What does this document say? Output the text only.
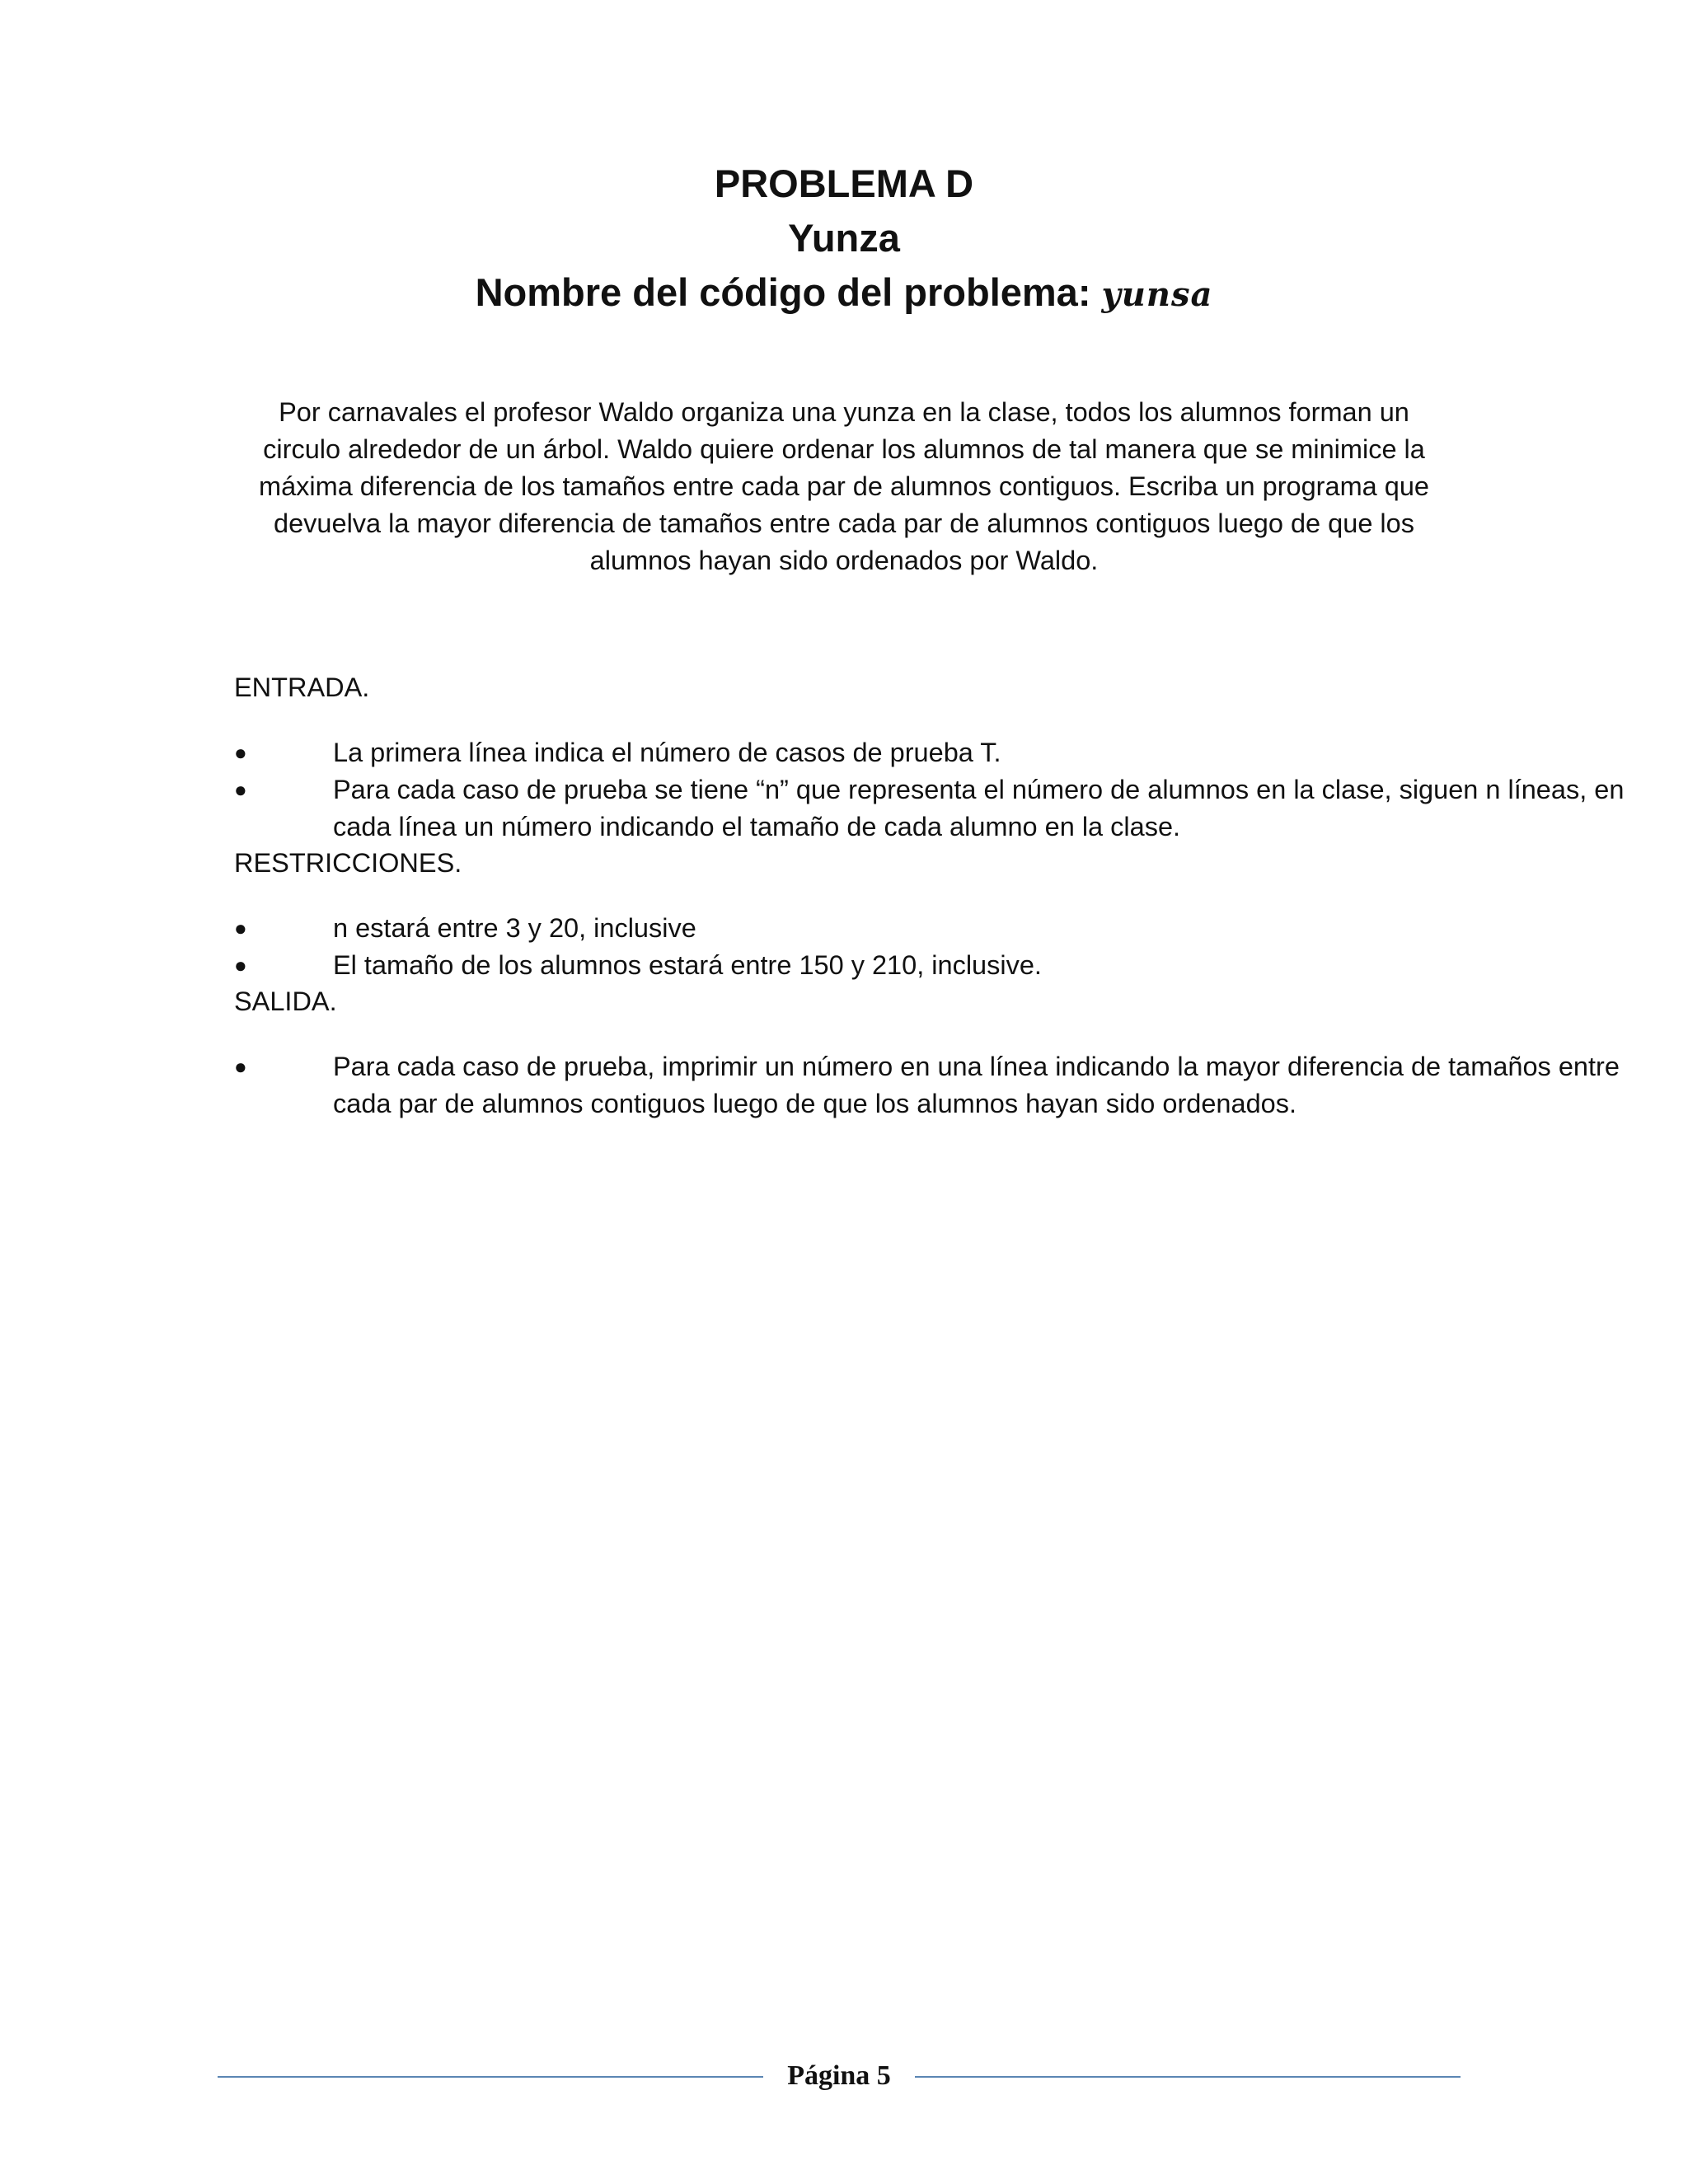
PROBLEMA D
Yunza
Nombre del código del problema: yunsa
Por carnavales el profesor Waldo organiza una yunza en la clase, todos los alumnos forman un
circulo alrededor de un árbol. Waldo quiere ordenar los alumnos de tal manera que se minimice la
máxima diferencia de los tamaños entre cada par de alumnos contiguos. Escriba un programa que
devuelva la mayor diferencia de tamaños entre cada par de alumnos contiguos luego de que los
alumnos hayan sido ordenados por Waldo.
ENTRADA.
●	La primera línea indica el número de casos de prueba T.
●	Para cada caso de prueba se tiene “n” que representa el número de alumnos en la clase, siguen n líneas, en cada línea un número indicando el tamaño de cada alumno en la clase.
RESTRICCIONES.
●	n estará entre 3 y 20, inclusive
●	El tamaño de los alumnos estará entre 150 y 210, inclusive.
SALIDA.
●	Para cada caso de prueba, imprimir un número en una línea indicando la mayor diferencia de tamaños entre cada par de alumnos contiguos luego de que los alumnos hayan sido ordenados.
Página 5
